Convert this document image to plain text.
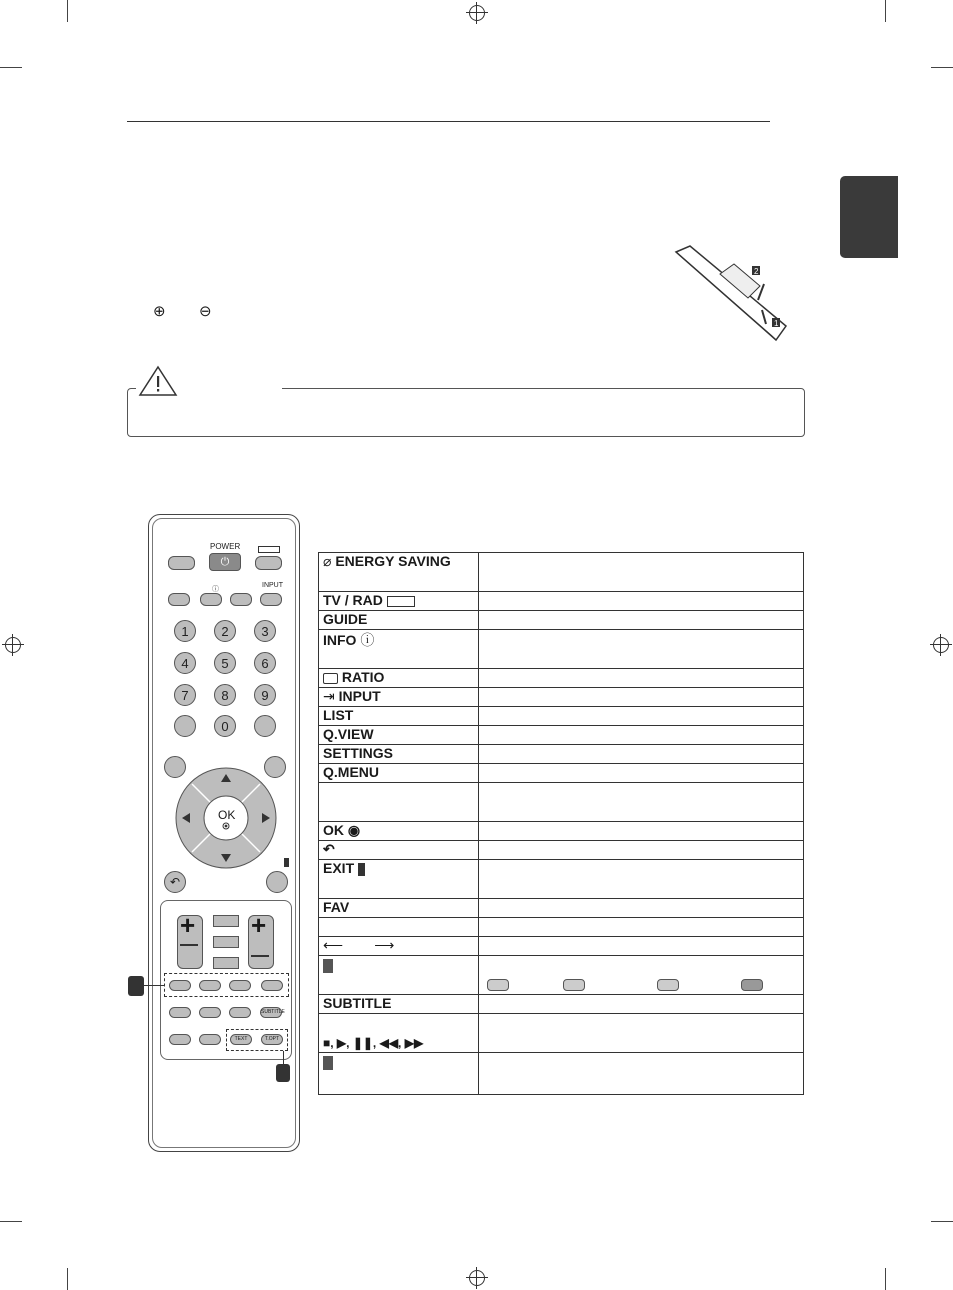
⊕ ⊖
2
1
POWER
⏻
ⓘ
INPUT
1	2	3
4	5	6
7	8	9
0
OK
↶
+ +
SUBTITLE
TEXT	T.OPT
⌀ ENERGY SAVING	
TV / RAD	
GUIDE	
INFO ⓘ	
RATIO	
⇥ INPUT	
LIST	
Q.VIEW	
SETTINGS	
Q.MENU	

OK ◉	
↶	
EXIT	
FAV	

⟵        ⟶	

SUBTITLE	
■, ▶, ❚❚, ◀◀, ▶▶	
